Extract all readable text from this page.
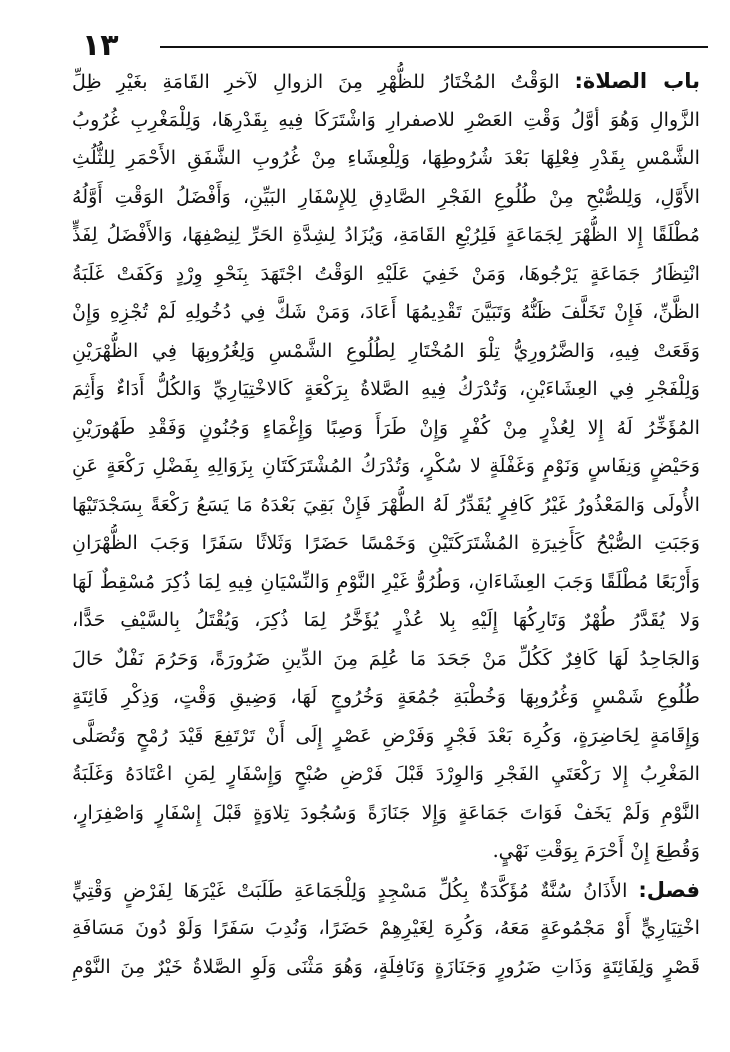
١٣
باب الصلاة: الوَقْتُ المُخْتَارُ للظُّهْرِ مِنَ الزوالِ لآخرِ القَامَةِ بغَيْرِ ظِلِّ
الزَّوالِ وَهُوَ أوَّلُ وَقْتِ العَصْرِ للاصفرارِ وَاشْتَرَكَا فِيهِ بِقَدْرِهَا، وَلِلْمَغْرِبِ غُرُوبُ
الشَّمْسِ بِقَدْرِ فِعْلِهَا بَعْدَ شُرُوطِهَا، وَلِلْعِشَاءِ مِنْ غُرُوبِ الشَّفَقِ الأَحْمَرِ لِلثُّلُثِ
الأَوَّلِ، وَلِلصُّبْحِ مِنْ طُلُوعِ الفَجْرِ الصَّادِقِ لِلإِسْفَارِ البَيِّنِ، وَأَفْضَلُ الوَقْتِ أَوَّلُهُ
مُطْلَقًا إِلا الظُّهْرَ لِجَمَاعَةٍ فَلِرُبْعِ القَامَةِ، وَيُزَادُ لِشِدَّةِ الحَرِّ لِنِصْفِهَا، وَالأَفْضَلُ لِفَذٍّ
انْتِظَارُ جَمَاعَةٍ يَرْجُوهَا، وَمَنْ خَفِيَ عَلَيْهِ الوَقْتُ اجْتَهَدَ بِنَحْوِ وِرْدٍ وَكَفَتْ غَلَبَةُ
الظَّنِّ، فَإِنْ تَخَلَّفَ ظَنُّهُ وَتَبَيَّنَ تَقْدِيمُهَا أَعَادَ، وَمَنْ شَكَّ فِي دُخُولِهِ لَمْ تُجْزِهِ وَإِنْ
وَقَعَتْ فِيهِ، وَالضَّرُورِيُّ تِلْوَ المُخْتَارِ لِطُلُوعِ الشَّمْسِ وَلِغُرُوبِهَا فِي الظُّهْرَيْنِ
وَلِلْفَجْرِ فِي العِشَاءَيْنِ، وَتُدْرَكُ فِيهِ الصَّلاةُ بِرَكْعَةٍ كَالاخْتِيَارِيِّ وَالكُلُّ أَدَاءٌ وَأَثِمَ
المُؤَخِّرُ لَهُ إِلا لِعُذْرٍ مِنْ كُفْرٍ وَإِنْ طَرَأَ وَصِبًا وَإِغْمَاءٍ وَجُنُونٍ وَفَقْدِ طَهُورَيْنِ
وَحَيْضٍ وَنِفَاسٍ وَنَوْمٍ وَغَفْلَةٍ لا سُكْرٍ، وَتُدْرَكُ المُشْتَرَكَتَانِ بِزَوَالِهِ بِفَضْلِ رَكْعَةٍ عَنِ
الأُولَى وَالمَعْذُورُ غَيْرُ كَافِرٍ يُقَدِّرُ لَهُ الطُّهْرَ فَإِنْ بَقِيَ بَعْدَهُ مَا يَسَعُ رَكْعَةً بِسَجْدَتَيْهَا
وَجَبَتِ الصُّبْحُ كَأَخِيرَةِ المُشْتَرَكَتَيْنِ وَخَمْسًا حَضَرًا وَثَلاثًا سَفَرًا وَجَبَ الظُّهْرَانِ
وَأَرْبَعًا مُطْلَقًا وَجَبَ العِشَاءَانِ، وَطُرُوُّ غَيْرِ النَّوْمِ وَالنِّسْيَانِ فِيهِ لِمَا ذُكِرَ مُسْقِطٌ لَهَا
وَلا يُقَدَّرُ طُهْرٌ وَتَارِكُهَا إِلَيْهِ بِلا عُذْرٍ يُؤَخَّرُ لِمَا ذُكِرَ، وَيُقْتَلُ بِالسَّيْفِ حَدًّا،
وَالجَاحِدُ لَهَا كَافِرٌ كَكُلِّ مَنْ جَحَدَ مَا عُلِمَ مِنَ الدِّينِ ضَرُورَةً، وَحَرُمَ نَفْلٌ حَالَ
طُلُوعِ شَمْسٍ وَغُرُوبِهَا وَخُطْبَةِ جُمُعَةٍ وَخُرُوجٍ لَهَا، وَضِيقِ وَقْتٍ، وَذِكْرِ فَائِتَةٍ
وَإِقَامَةٍ لِحَاضِرَةٍ، وَكُرِهَ بَعْدَ فَجْرٍ وَفَرْضِ عَصْرٍ إِلَى أَنْ تَرْتَفِعَ قَيْدَ رُمْحٍ وَتُصَلَّى
المَغْرِبُ إِلا رَكْعَتَيِ الفَجْرِ وَالوِرْدَ قَبْلَ فَرْضِ صُبْحٍ وَإِسْفَارٍ لِمَنِ اعْتَادَهُ وَغَلَبَةُ
النَّوْمِ وَلَمْ يَخَفْ فَوَاتَ جَمَاعَةٍ وَإِلا جَنَازَةً وَسُجُودَ تِلاوَةٍ قَبْلَ إِسْفَارٍ وَاصْفِرَارٍ،
وَقُطِعَ إِنْ أَحْرَمَ بِوَقْتِ نَهْيٍ.
فصل: الأَذَانُ سُنَّةٌ مُؤَكَّدَةٌ بِكُلِّ مَسْجِدٍ وَلِلْجَمَاعَةِ طَلَبَتْ غَيْرَهَا لِفَرْضٍ وَقْتِيٍّ
اخْتِيَارِيٍّ أَوْ مَجْمُوعَةٍ مَعَهُ، وَكُرِهَ لِغَيْرِهِمْ حَضَرًا، وَنُدِبَ سَفَرًا وَلَوْ دُونَ مَسَافَةِ
قَصْرٍ وَلِفَائِتَةٍ وَذَاتِ ضَرُورٍ وَجَنَازَةٍ وَنَافِلَةٍ، وَهُوَ مَثْنَى وَلَوِ الصَّلاةُ خَيْرٌ مِنَ النَّوْمِ
